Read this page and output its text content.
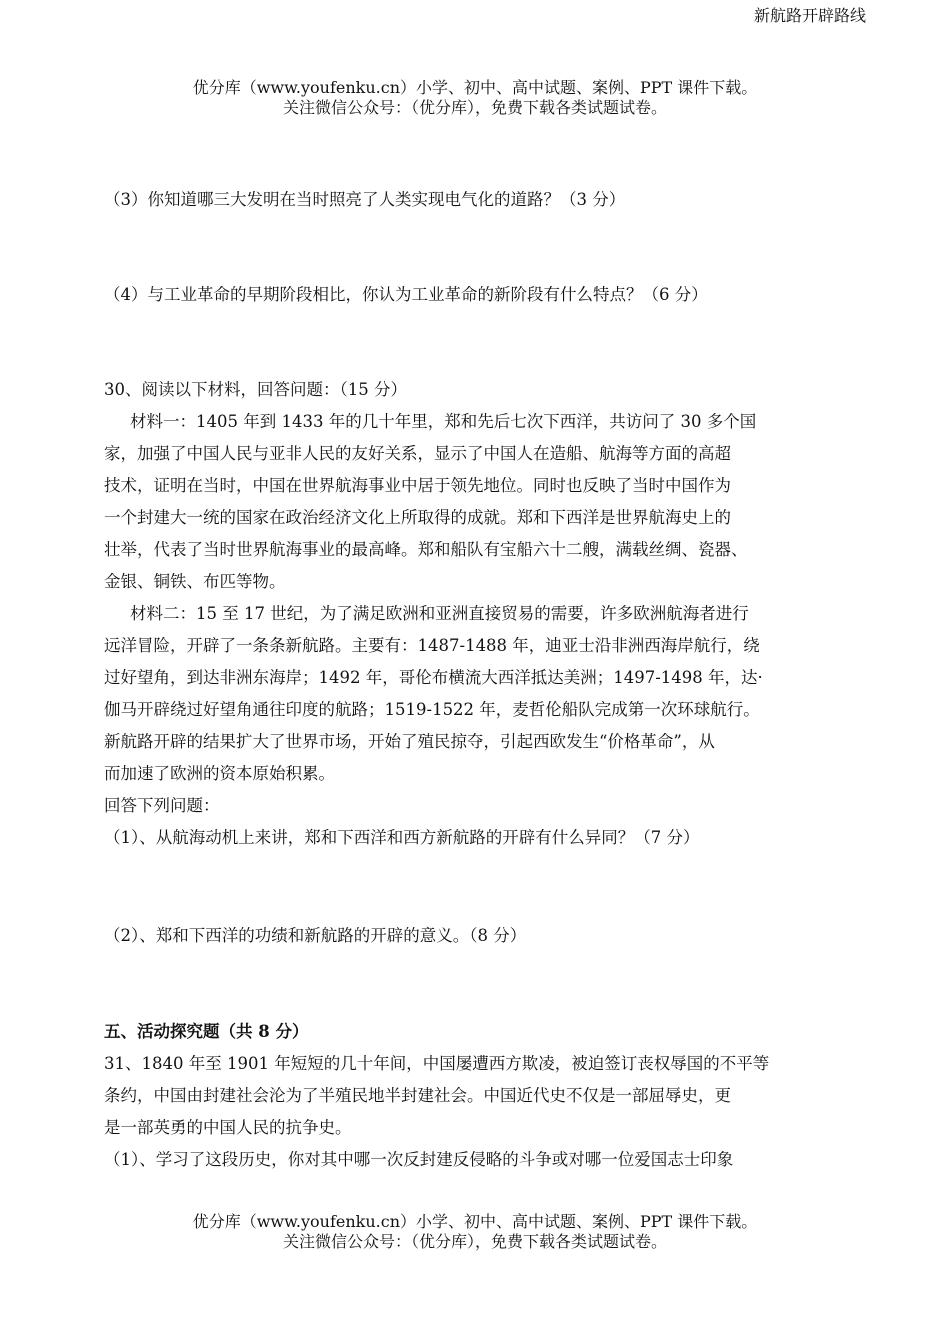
新航路开辟路线
优分库（www.youfenku.cn）小学、初中、高中试题、案例、PPT 课件下载。
关注微信公众号：（优分库），免费下载各类试题试卷。
（3）你知道哪三大发明在当时照亮了人类实现电气化的道路？（3 分）
（4）与工业革命的早期阶段相比，你认为工业革命的新阶段有什么特点？（6 分）
30、阅读以下材料，回答问题：（15 分）
材料一：1405 年到 1433 年的几十年里，郑和先后七次下西洋，共访问了 30 多个国
家，加强了中国人民与亚非人民的友好关系，显示了中国人在造船、航海等方面的高超
技术，证明在当时，中国在世界航海事业中居于领先地位。同时也反映了当时中国作为
一个封建大一统的国家在政治经济文化上所取得的成就。郑和下西洋是世界航海史上的
壮举，代表了当时世界航海事业的最高峰。郑和船队有宝船六十二艘，满载丝绸、瓷器、
金银、铜铁、布匹等物。
材料二：15 至 17 世纪，为了满足欧洲和亚洲直接贸易的需要，许多欧洲航海者进行
远洋冒险，开辟了一条条新航路。主要有：1487-1488 年，迪亚士沿非洲西海岸航行，绕
过好望角，到达非洲东海岸；1492 年，哥伦布横流大西洋抵达美洲；1497-1498 年，达·
伽马开辟绕过好望角通往印度的航路；1519-1522 年，麦哲伦船队完成第一次环球航行。
新航路开辟的结果扩大了世界市场，开始了殖民掠夺，引起西欧发生“价格革命”，从
而加速了欧洲的资本原始积累。
回答下列问题：
（1）、从航海动机上来讲，郑和下西洋和西方新航路的开辟有什么异同？（7 分）
（2）、郑和下西洋的功绩和新航路的开辟的意义。（8 分）
五、活动探究题（共 8 分）
31、1840 年至 1901 年短短的几十年间，中国屡遭西方欺凌，被迫签订丧权辱国的不平等
条约，中国由封建社会沦为了半殖民地半封建社会。中国近代史不仅是一部屈辱史，更
是一部英勇的中国人民的抗争史。
（1）、学习了这段历史，你对其中哪一次反封建反侵略的斗争或对哪一位爱国志士印象
优分库（www.youfenku.cn）小学、初中、高中试题、案例、PPT 课件下载。
关注微信公众号：（优分库），免费下载各类试题试卷。
